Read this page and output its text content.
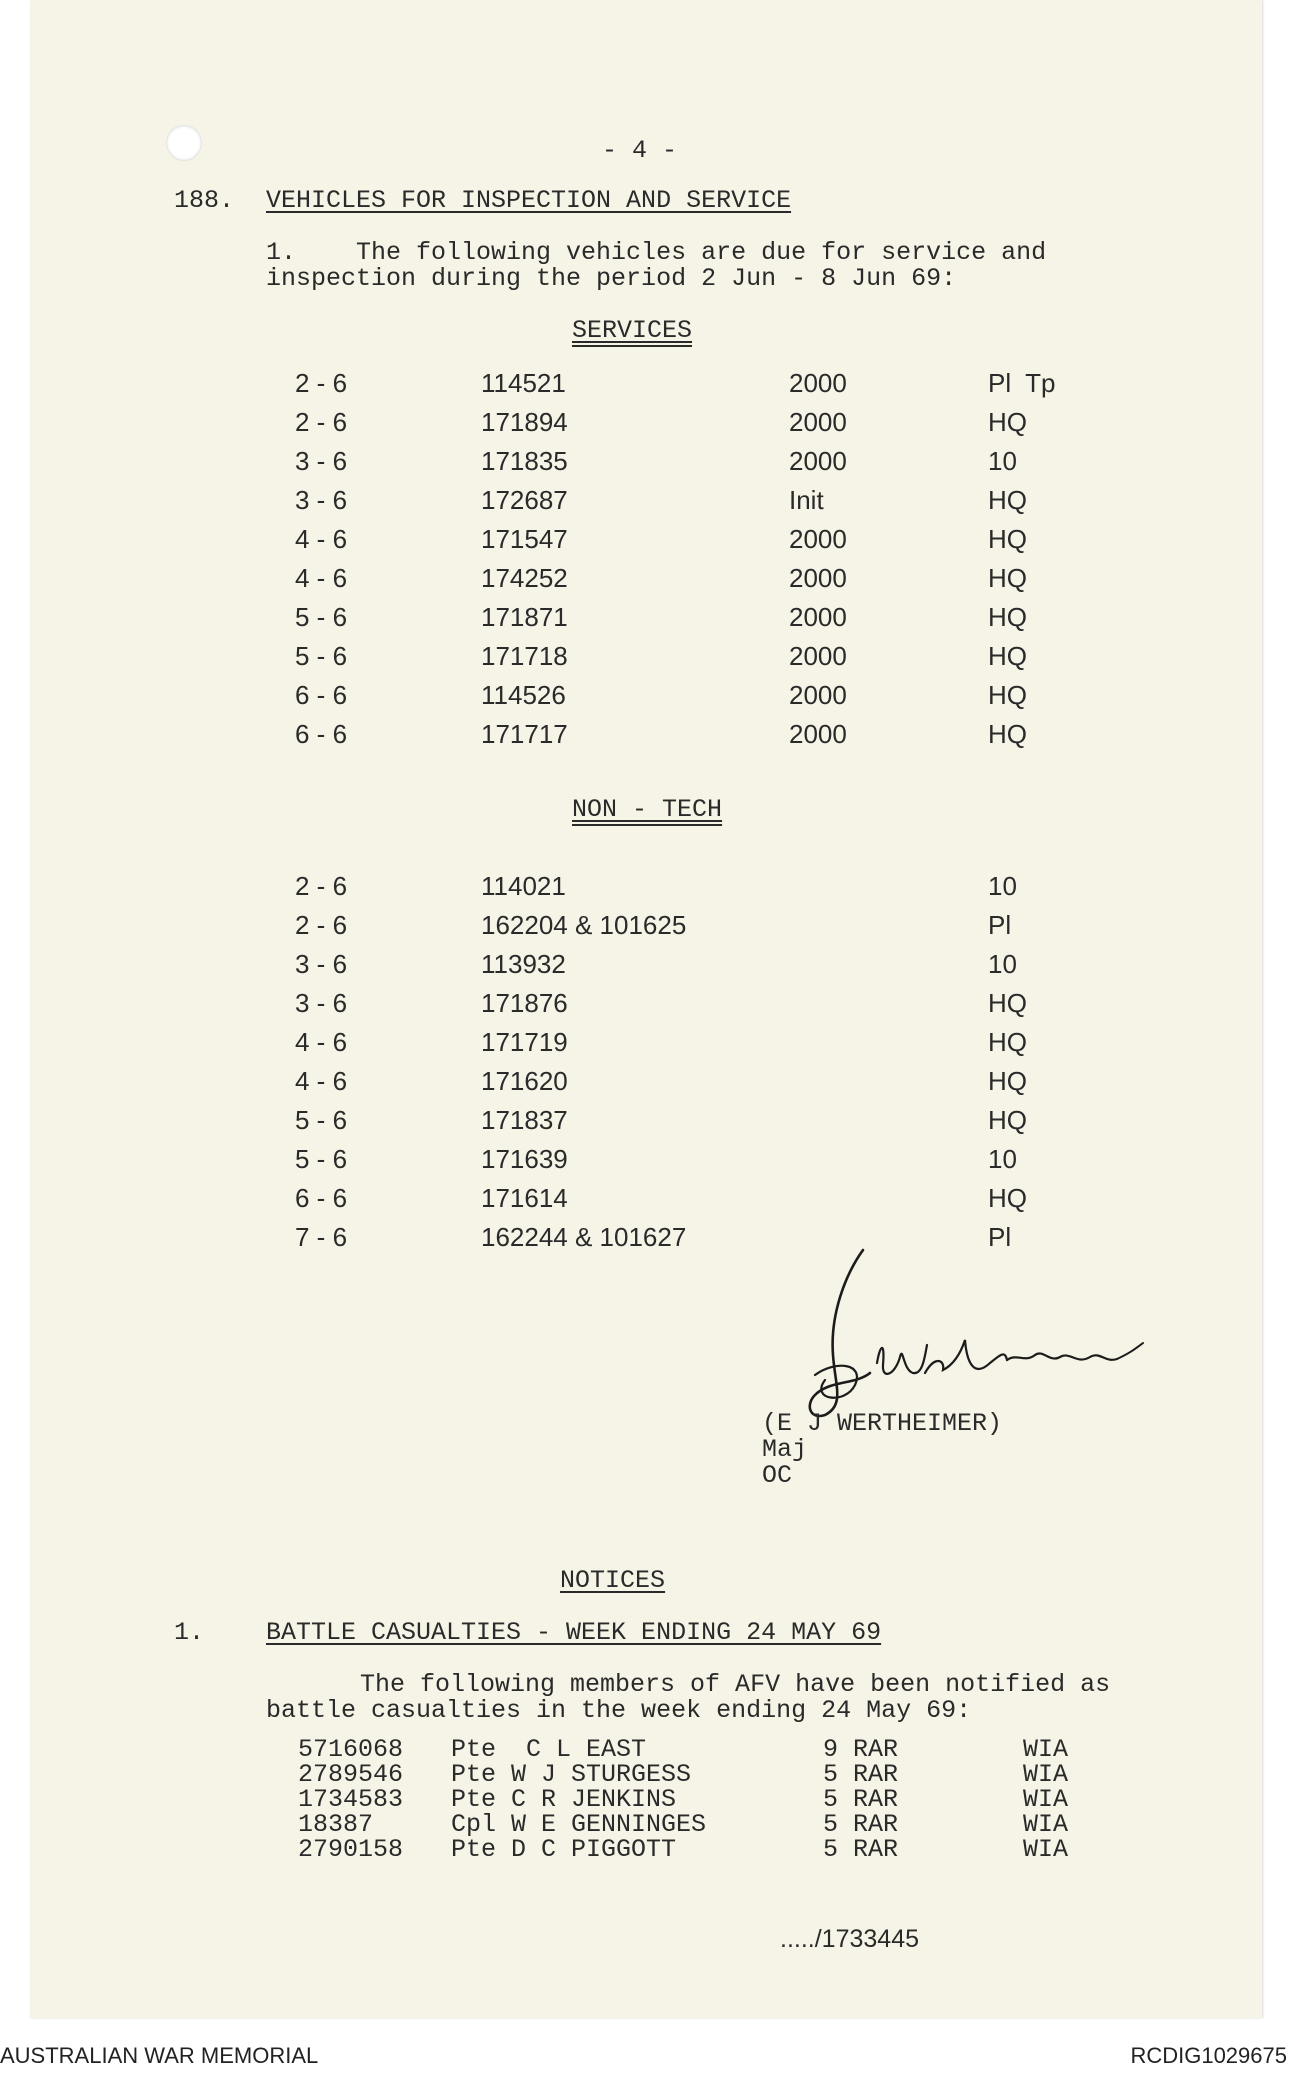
- 4 -
188. VEHICLES FOR INSPECTION AND SERVICE
1.    The following vehicles are due for service and
inspection during the period 2 Jun - 8 Jun 69:
SERVICES
2 - 6	114521	2000	Pl  Tp
2 - 6	171894	2000	HQ
3 - 6	171835	2000	10
3 - 6	172687	Init	HQ
4 - 6	171547	2000	HQ
4 - 6	174252	2000	HQ
5 - 6	171871	2000	HQ
5 - 6	171718	2000	HQ
6 - 6	114526	2000	HQ
6 - 6	171717	2000	HQ
NON - TECH
2 - 6	114021	10
2 - 6	162204 & 101625	Pl
3 - 6	113932	10
3 - 6	171876	HQ
4 - 6	171719	HQ
4 - 6	171620	HQ
5 - 6	171837	HQ
5 - 6	171639	10
6 - 6	171614	HQ
7 - 6	162244 & 101627	Pl
(E J WERTHEIMER)
Maj
OC
NOTICES
1. BATTLE CASUALTIES - WEEK ENDING 24 MAY 69
The following members of AFV have been notified as
battle casualties in the week ending 24 May 69:
5716068 Pte  C L EAST	9 RAR	WIA
2789546 Pte W J STURGESS	5 RAR	WIA
1734583 Pte C R JENKINS	5 RAR	WIA
18387	Cpl W E GENNINGES	5 RAR	WIA
2790158 Pte D C PIGGOTT	5 RAR	WIA
...../1733445
AUSTRALIAN WAR MEMORIAL	RCDIG1029675
